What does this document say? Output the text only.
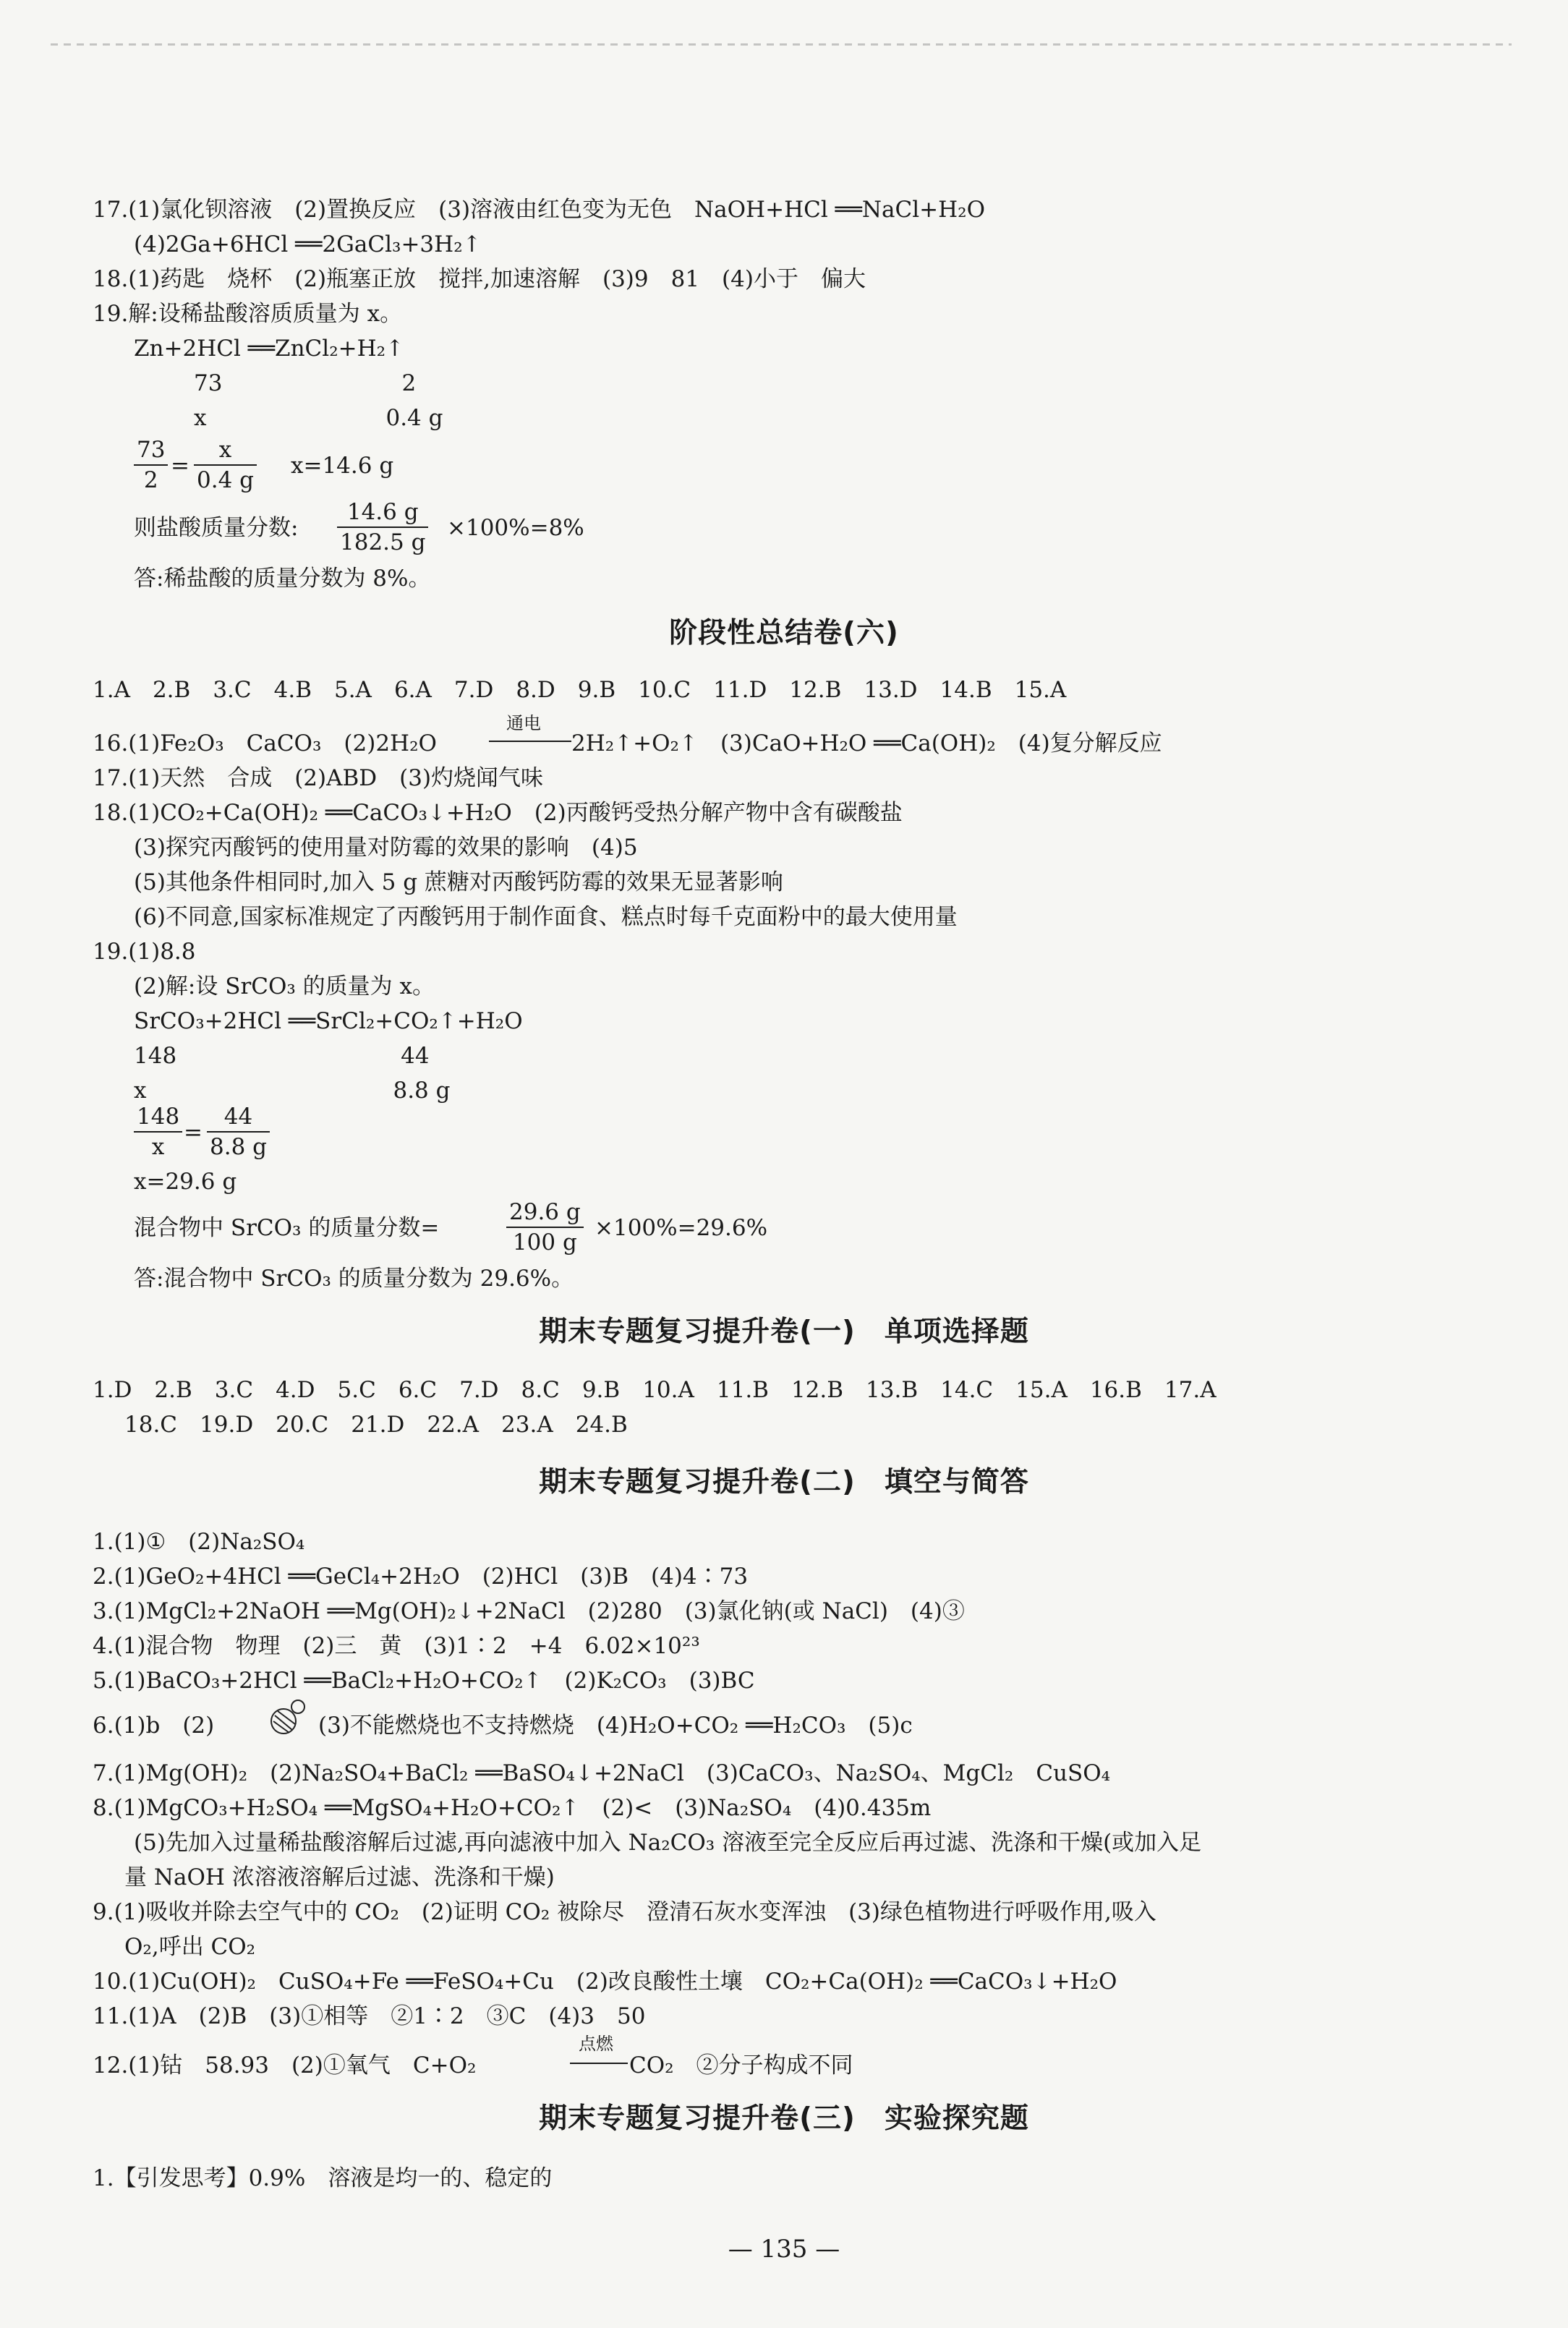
17.(1)氯化钡溶液　(2)置换反应　(3)溶液由红色变为无色　NaOH+HCl ══NaCl+H₂O
(4)2Ga+6HCl ══2GaCl₃+3H₂↑
18.(1)药匙　烧杯　(2)瓶塞正放　搅拌,加速溶解　(3)9　81　(4)小于　偏大
19.解:设稀盐酸溶质质量为 x。
Zn+2HCl ══ZnCl₂+H₂↑
73　　　　　　　　2
x　　　　　　　　0.4 g
$\frac{73}{2} = \frac{x}{0.4 g} x=14.6$ g
则盐酸质量分数: $\frac{14.6 g}{182.5 g} \times 100\%=8\%$
答:稀盐酸的质量分数为 8%。
阶段性总结卷(六)
1.A　2.B　3.C　4.B　5.A　6.A　7.D　8.D　9.B　10.C　11.D　12.B　13.D　14.B　15.A
16.(1)Fe₂O₃　CaCO₃　(2)2H₂O
通电
2H₂↑+O₂↑　(3)CaO+H₂O ══Ca(OH)₂　(4)复分解反应
17.(1)天然　合成　(2)ABD　(3)灼烧闻气味
18.(1)CO₂+Ca(OH)₂ ══CaCO₃↓+H₂O　(2)丙酸钙受热分解产物中含有碳酸盐
(3)探究丙酸钙的使用量对防霉的效果的影响　(4)5
(5)其他条件相同时,加入 5 g 蔗糖对丙酸钙防霉的效果无显著影响
(6)不同意,国家标准规定了丙酸钙用于制作面食、糕点时每千克面粉中的最大使用量
19.(1)8.8
(2)解:设 SrCO₃ 的质量为 x。
SrCO₃+2HCl ══SrCl₂+CO₂↑+H₂O
148　　　　　　　　　　44
x　　　　　　　　　　　8.8 g
$\frac{148}{x} = \frac{44}{8.8 g}$
x=29.6 g
混合物中 SrCO₃ 的质量分数=	$\frac{29.6 g}{100 g} \times 100\%=29.6\%$
答:混合物中 SrCO₃ 的质量分数为 29.6%。
期末专题复习提升卷(一)　单项选择题
1.D　2.B　3.C　4.D　5.C　6.C　7.D　8.C　9.B　10.A　11.B　12.B　13.B　14.C　15.A　16.B　17.A
18.C　19.D　20.C　21.D　22.A　23.A　24.B
期末专题复习提升卷(二)　填空与简答
1.(1)①　(2)Na₂SO₄
2.(1)GeO₂+4HCl ══GeCl₄+2H₂O　(2)HCl　(3)B　(4)4∶73
3.(1)MgCl₂+2NaOH ══Mg(OH)₂↓+2NaCl　(2)280　(3)氯化钠(或 NaCl)　(4)③
4.(1)混合物　物理　(2)三　黄　(3)1∶2　+4　6.02×10²³
5.(1)BaCO₃+2HCl ══BaCl₂+H₂O+CO₂↑　(2)K₂CO₃　(3)BC
6.(1)b　(2)	(3)不能燃烧也不支持燃烧　(4)H₂O+CO₂ ══H₂CO₃　(5)c
7.(1)Mg(OH)₂　(2)Na₂SO₄+BaCl₂ ══BaSO₄↓+2NaCl　(3)CaCO₃、Na₂SO₄、MgCl₂　CuSO₄
8.(1)MgCO₃+H₂SO₄ ══MgSO₄+H₂O+CO₂↑　(2)<　(3)Na₂SO₄　(4)0.435m
(5)先加入过量稀盐酸溶解后过滤,再向滤液中加入 Na₂CO₃ 溶液至完全反应后再过滤、洗涤和干燥(或加入足
量 NaOH 浓溶液溶解后过滤、洗涤和干燥)
9.(1)吸收并除去空气中的 CO₂　(2)证明 CO₂ 被除尽　澄清石灰水变浑浊　(3)绿色植物进行呼吸作用,吸入
O₂,呼出 CO₂
10.(1)Cu(OH)₂　CuSO₄+Fe ══FeSO₄+Cu　(2)改良酸性土壤　CO₂+Ca(OH)₂ ══CaCO₃↓+H₂O
11.(1)A　(2)B　(3)①相等　②1∶2　③C　(4)3　50
12.(1)钴　58.93　(2)①氧气　C+O₂
点燃
CO₂　②分子构成不同
期末专题复习提升卷(三)　实验探究题
1.【引发思考】0.9%　溶液是均一的、稳定的
— 135 —
